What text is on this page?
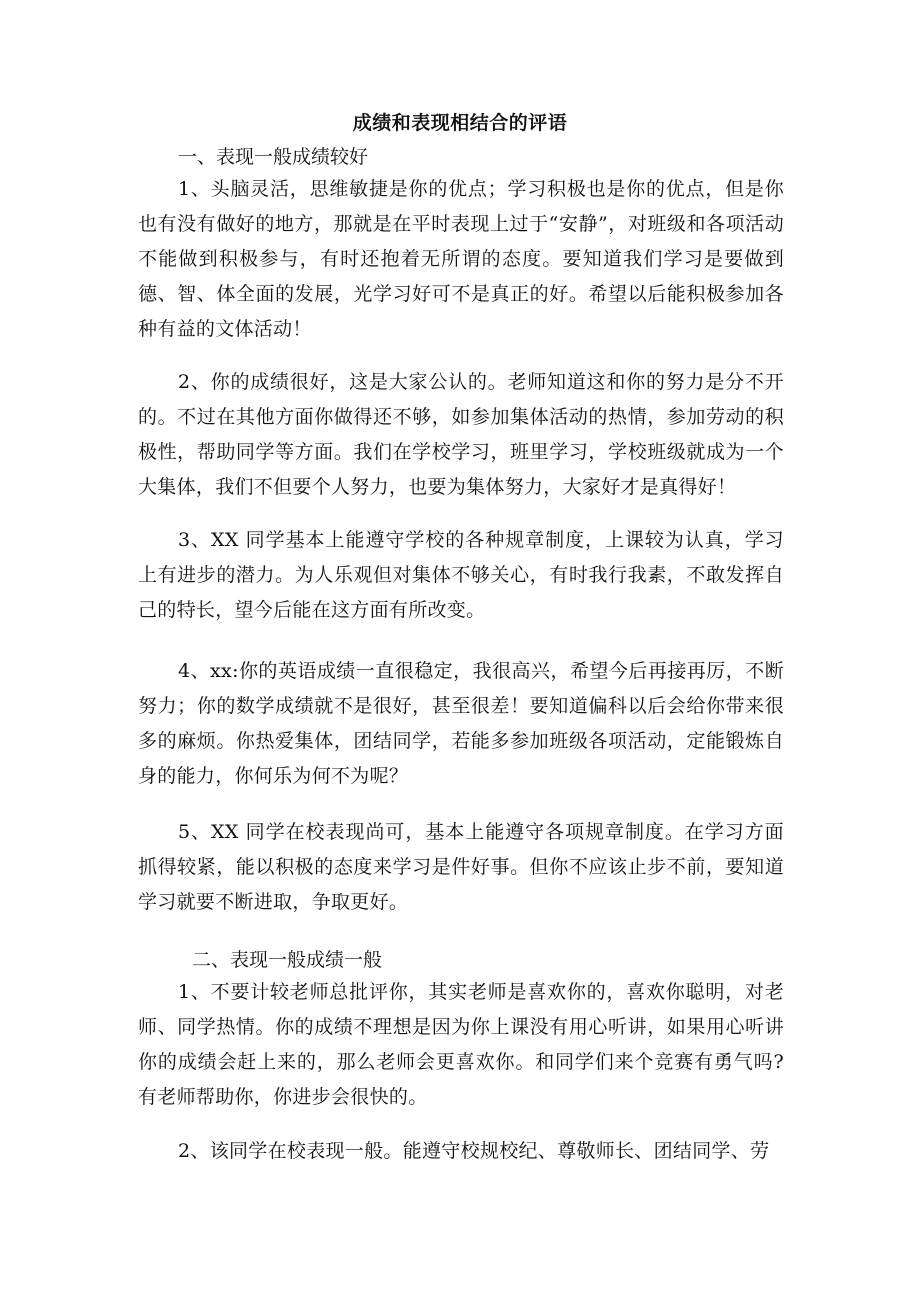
成绩和表现相结合的评语
一、表现一般成绩较好
1、头脑灵活，思维敏捷是你的优点；学习积极也是你的优点，但是你也有没有做好的地方，那就是在平时表现上过于“安静”，对班级和各项活动不能做到积极参与，有时还抱着无所谓的态度。要知道我们学习是要做到德、智、体全面的发展，光学习好可不是真正的好。希望以后能积极参加各种有益的文体活动！
2、你的成绩很好，这是大家公认的。老师知道这和你的努力是分不开的。不过在其他方面你做得还不够，如参加集体活动的热情，参加劳动的积极性，帮助同学等方面。我们在学校学习，班里学习，学校班级就成为一个大集体，我们不但要个人努力，也要为集体努力，大家好才是真得好！
3、XX 同学基本上能遵守学校的各种规章制度，上课较为认真，学习上有进步的潜力。为人乐观但对集体不够关心，有时我行我素，不敢发挥自己的特长，望今后能在这方面有所改变。
4、xx:你的英语成绩一直很稳定，我很高兴，希望今后再接再厉，不断努力；你的数学成绩就不是很好，甚至很差！要知道偏科以后会给你带来很多的麻烦。你热爱集体，团结同学，若能多参加班级各项活动，定能锻炼自身的能力，你何乐为何不为呢？
5、XX 同学在校表现尚可，基本上能遵守各项规章制度。在学习方面抓得较紧，能以积极的态度来学习是件好事。但你不应该止步不前，要知道学习就要不断进取，争取更好。
二、表现一般成绩一般
1、不要计较老师总批评你，其实老师是喜欢你的，喜欢你聪明，对老师、同学热情。你的成绩不理想是因为你上课没有用心听讲，如果用心听讲你的成绩会赶上来的，那么老师会更喜欢你。和同学们来个竞赛有勇气吗?有老师帮助你，你进步会很快的。
2、该同学在校表现一般。能遵守校规校纪、尊敬师长、团结同学、劳
